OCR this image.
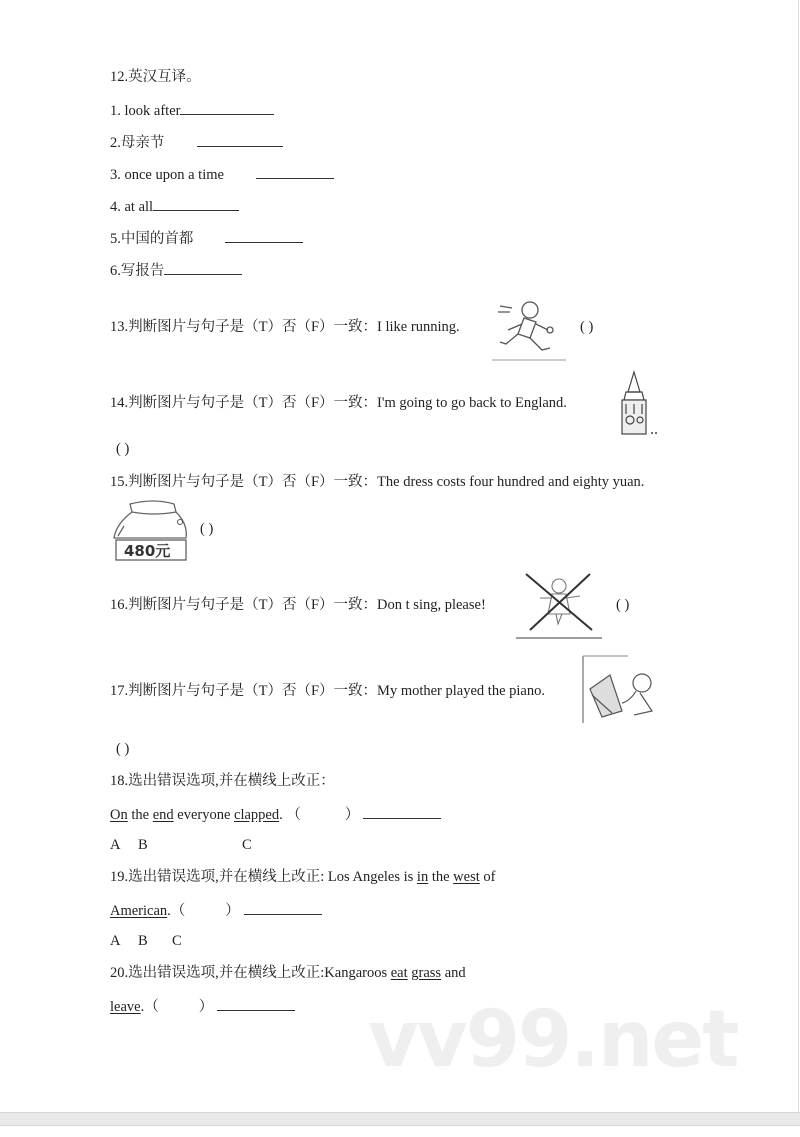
12.英汉互译。
1. look after
2.母亲节
3. once upon a time
4. at all
5.中国的首都
6.写报告
13.判断图片与句子是（T）否（F）一致：I like running.	( )
14.判断图片与句子是（T）否（F）一致：I'm going to go back to England.
( )
15.判断图片与句子是（T）否（F）一致：The dress costs four hundred and eighty yuan.
480元
( )
16.判断图片与句子是（T）否（F）一致：Don t sing, please!	( )
17.判断图片与句子是（T）否（F）一致：My mother played the piano.
( )
18.选出错误选项,并在横线上改正：
On the end everyone clapped. （	）
A B	C
19.选出错误选项,并在横线上改正: Los Angeles is in the west of
American.（	）
A B C
20.选出错误选项,并在横线上改正:Kangaroos eat grass and
leave.（	）	vv99.net
